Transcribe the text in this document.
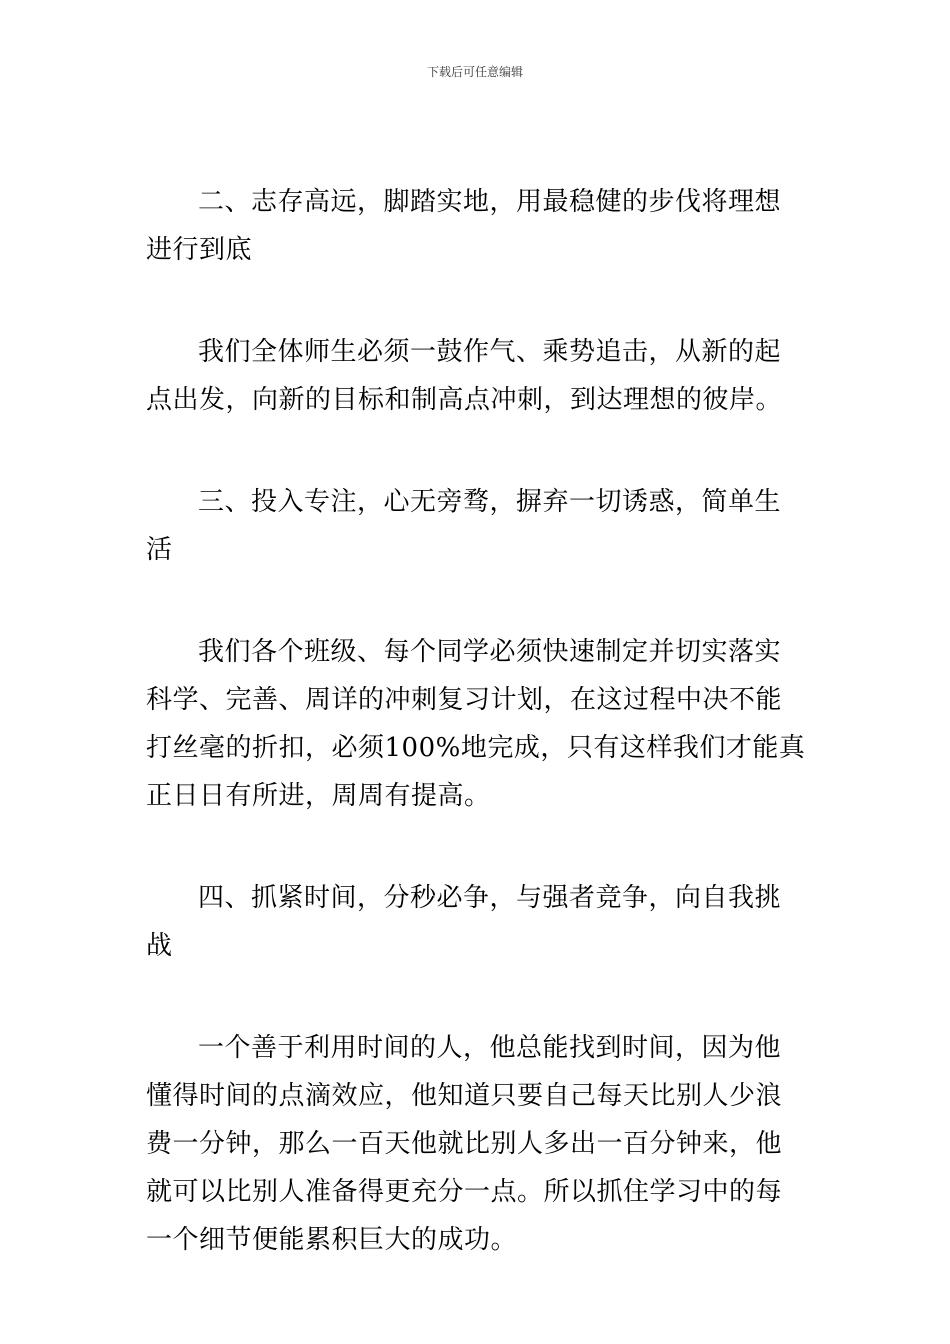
下载后可任意编辑

二、志存高远，脚踏实地，用最稳健的步伐将理想进行到底

我们全体师生必须一鼓作气、乘势追击，从新的起点出发，向新的目标和制高点冲刺，到达理想的彼岸。

三、投入专注，心无旁骛，摒弃一切诱惑，简单生活

我们各个班级、每个同学必须快速制定并切实落实科学、完善、周详的冲刺复习计划，在这过程中决不能打丝毫的折扣，必须100%地完成，只有这样我们才能真正日日有所进，周周有提高。

四、抓紧时间，分秒必争，与强者竞争，向自我挑战

一个善于利用时间的人，他总能找到时间，因为他懂得时间的点滴效应，他知道只要自己每天比别人少浪费一分钟，那么一百天他就比别人多出一百分钟来，他就可以比别人准备得更充分一点。所以抓住学习中的每一个细节便能累积巨大的成功。
